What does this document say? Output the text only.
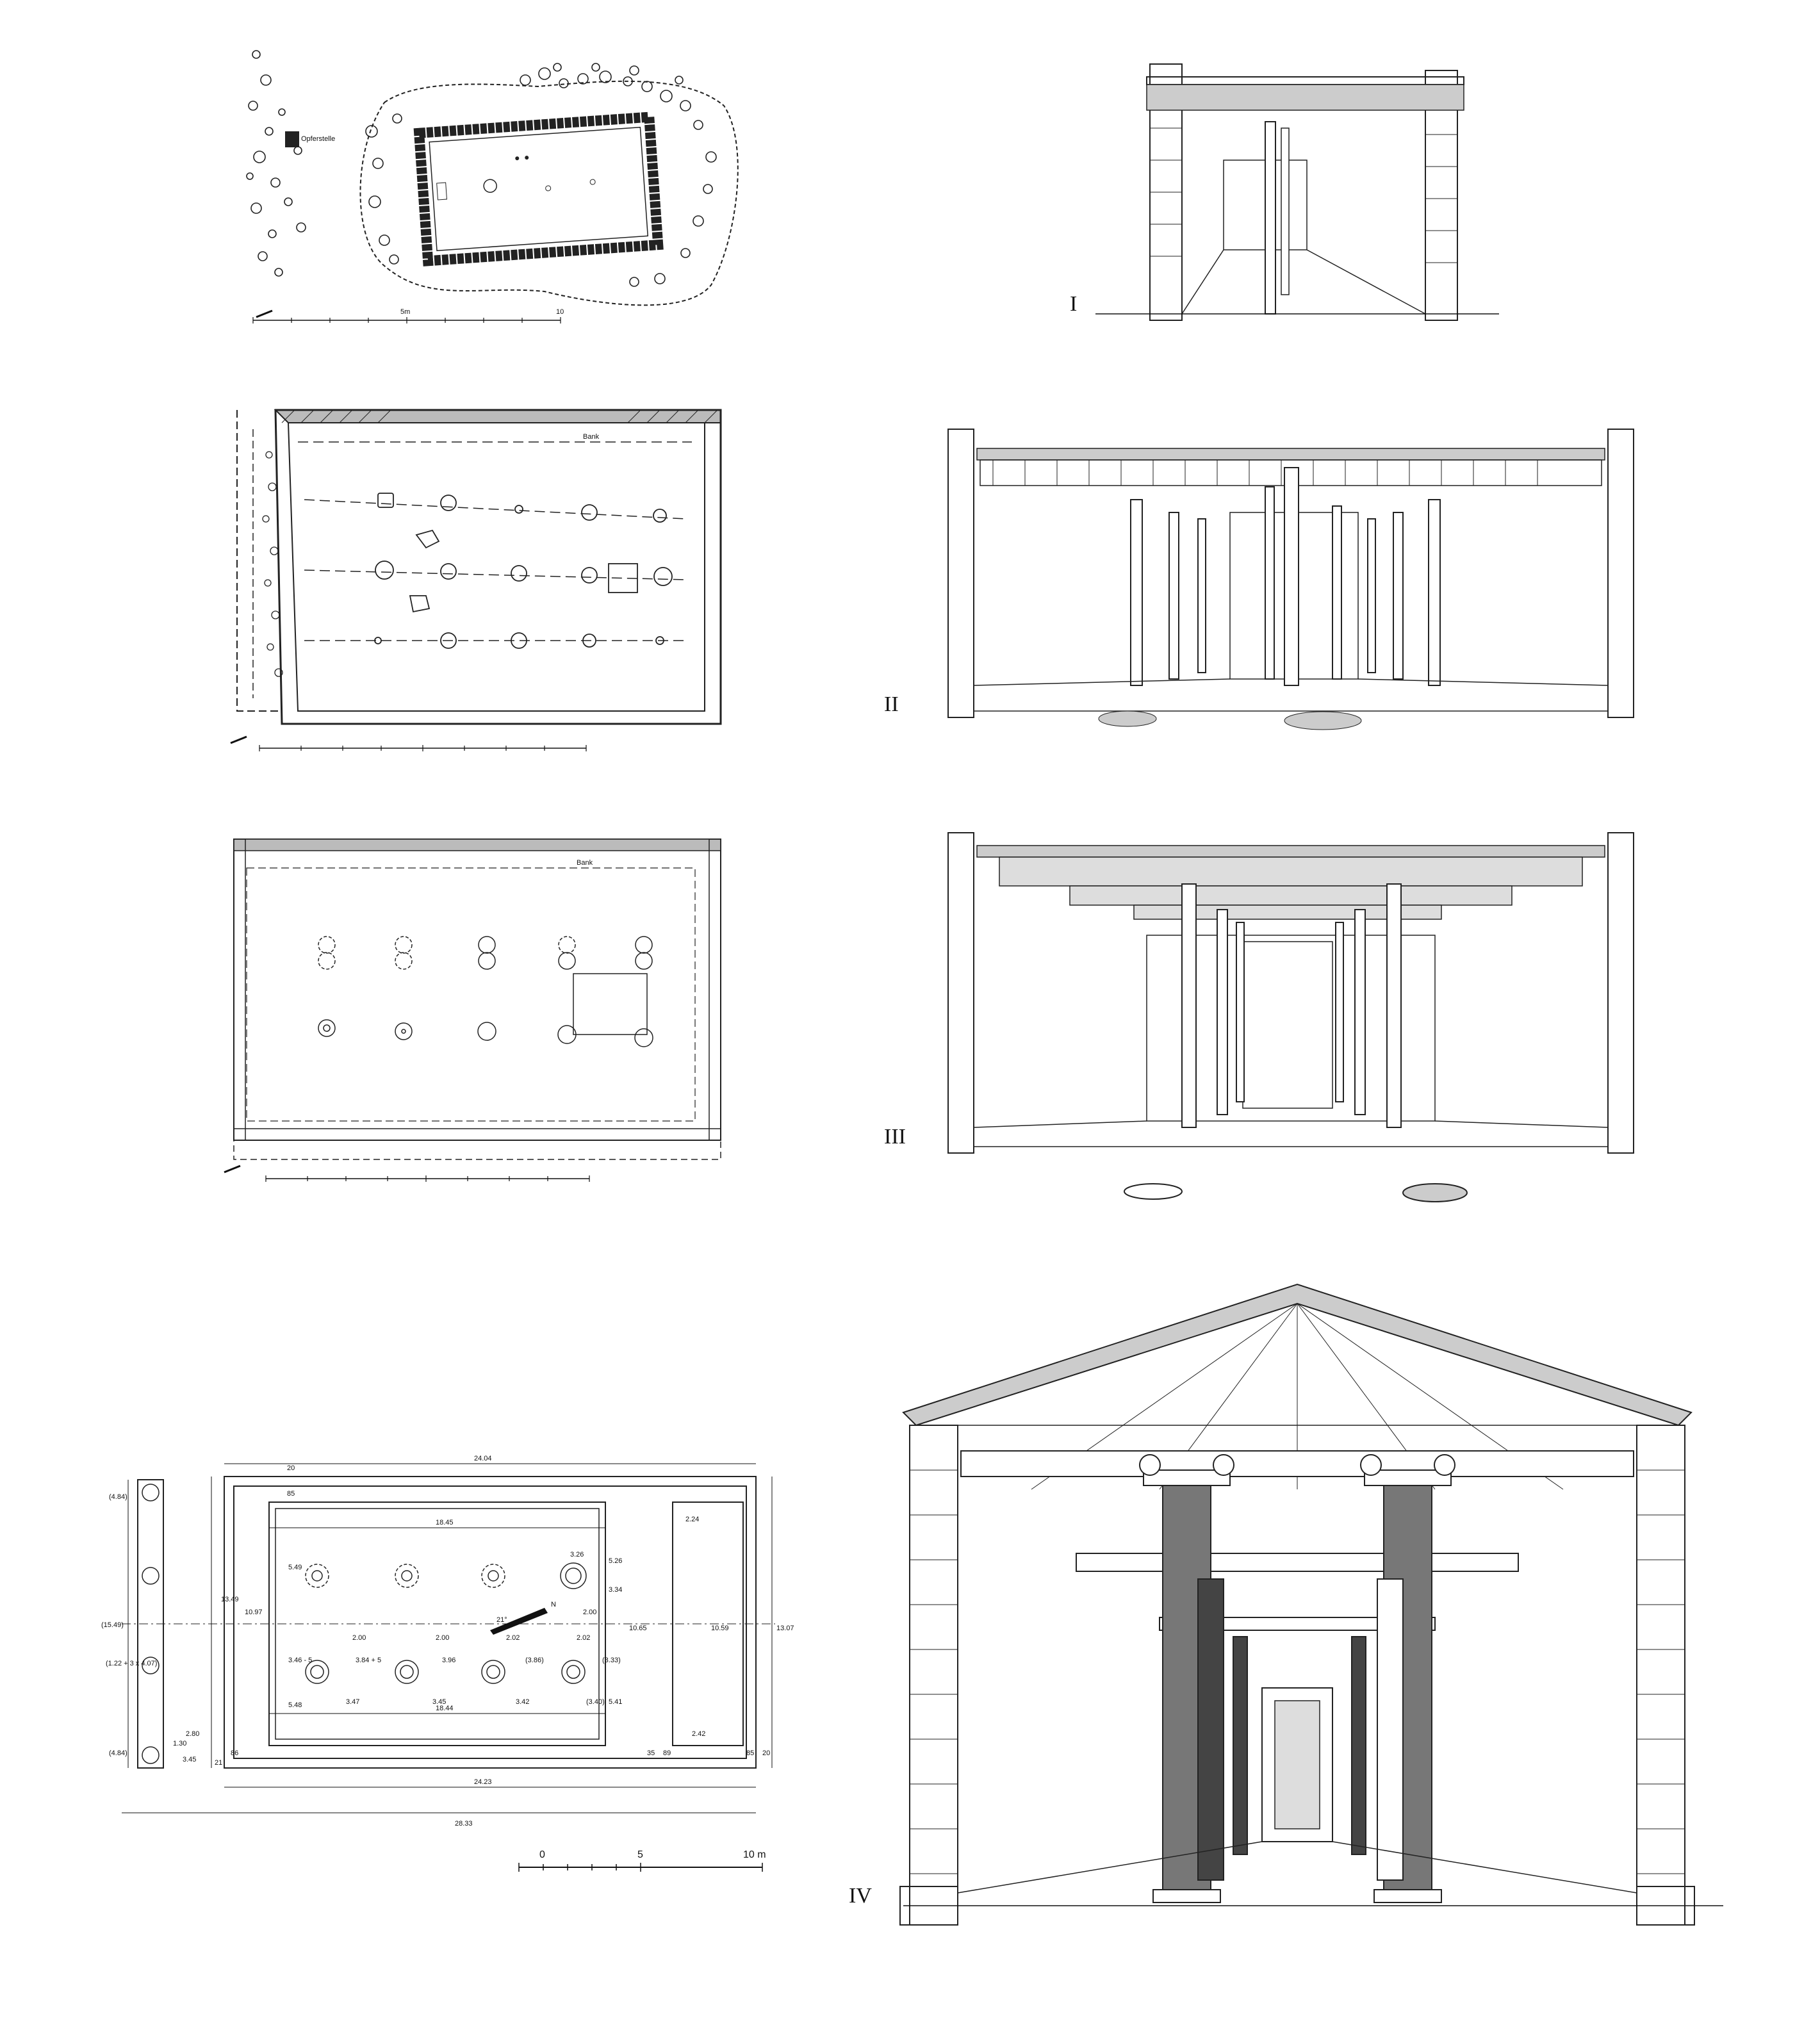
Opferstelle
5m	10
Bank
Bank
N
21°
24.04
18.45
18.44
24.23
28.33
2.24
2.42
13.49
10.97
10.65	10.59	13.07
(15.49)
(1.22 + 3 x 4.07)
(4.84)
(4.84)
2.80
3.45
1.30
5.49
5.48
5.26
5.41
3.34
3.26
3.46 - 5	3.84 + 5	3.96	(3.86)	(3.33)
3.47	3.45	3.42	(3.40)
2.00	2.00	2.02	2.02
2.00
20
85
21
86	35 89	85 20
0	5	10 m
I
II
III
IV
